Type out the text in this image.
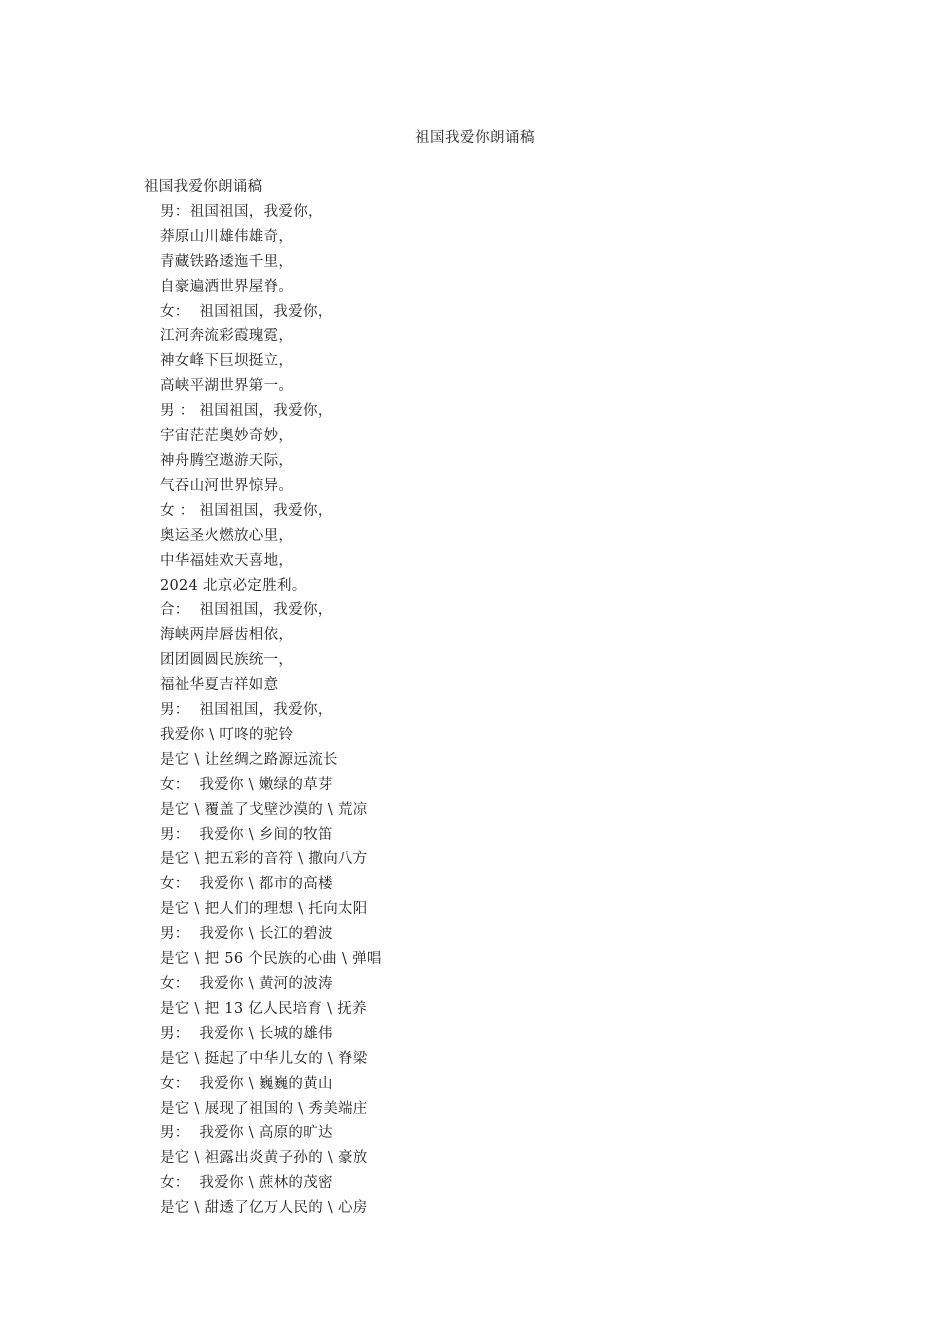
祖国我爱你朗诵稿
祖国我爱你朗诵稿
男：祖国祖国，我爱你，
莽原山川雄伟雄奇，
青藏铁路逶迤千里，
自豪遍洒世界屋脊。
女：  祖国祖国，我爱你，
江河奔流彩霞瑰霓，
神女峰下巨坝挺立，
高峡平湖世界第一。
男 ： 祖国祖国，我爱你，
宇宙茫茫奥妙奇妙，
神舟腾空遨游天际，
气吞山河世界惊异。
女 ： 祖国祖国，我爱你，
奥运圣火燃放心里，
中华福娃欢天喜地，
2024 北京必定胜利。
合：  祖国祖国，我爱你，
海峡两岸唇齿相依，
团团圆圆民族统一，
福祉华夏吉祥如意
男：  祖国祖国，我爱你，
我爱你 \ 叮咚的驼铃
是它 \ 让丝绸之路源远流长
女：  我爱你 \ 嫩绿的草芽
是它 \ 覆盖了戈壁沙漠的 \ 荒凉
男：  我爱你 \ 乡间的牧笛
是它 \ 把五彩的音符 \ 撒向八方
女：  我爱你 \ 都市的高楼
是它 \ 把人们的理想 \ 托向太阳
男：  我爱你 \ 长江的碧波
是它 \ 把 56 个民族的心曲 \ 弹唱
女：  我爱你 \ 黄河的波涛
是它 \ 把 13 亿人民培育 \ 抚养
男：  我爱你 \ 长城的雄伟
是它 \ 挺起了中华儿女的 \ 脊梁
女：  我爱你 \ 巍巍的黄山
是它 \ 展现了祖国的 \ 秀美端庄
男：  我爱你 \ 高原的旷达
是它 \ 袒露出炎黄子孙的 \ 豪放
女：  我爱你 \ 蔗林的茂密
是它 \ 甜透了亿万人民的 \ 心房
